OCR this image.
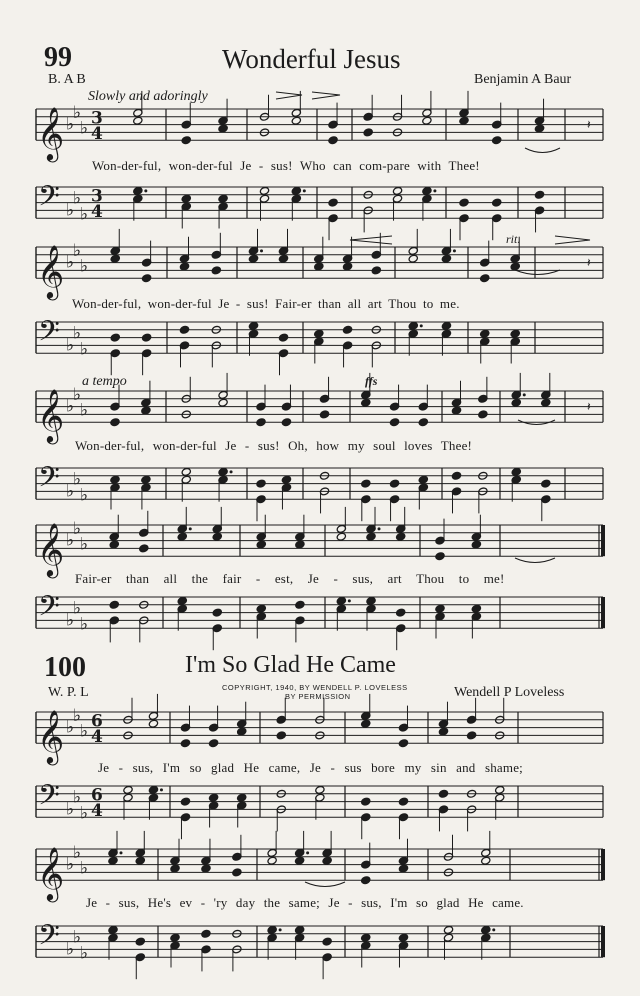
99	Wonderful Jesus
B. A B	Benjamin A Baur
Slowly and adoringly
rit.
a tempo	ffs
Won-der-ful, won-der-ful Je - sus! Who can com-pare with Thee!
Won-der-ful, won-der-ful Je - sus! Fair-er than all art Thou to me.
Won-der-ful, won-der-ful Je - sus! Oh, how my soul loves Thee!
Fair-er than all the fair - est, Je - sus, art Thou to me!
100	I'm So Glad He Came
W. P. L	COPYRIGHT, 1940, BY WENDELL P. LOVELESS
BY PERMISSION	Wendell P Loveless
Je - sus, I'm so glad He came, Je - sus bore my sin and shame;
Je - sus, He's ev - 'ry day the same; Je - sus, I'm so glad He came.
𝄞 ♭
♭
♭ 3
4	𝄽
𝄢 ♭
♭
♭
3
4
𝄞 ♭
♭
♭	𝄽
𝄢 ♭
♭
♭
𝄞 ♭
♭
♭	𝄽
𝄢 ♭
♭
♭
𝄞 ♭
♭
♭
𝄢 ♭
♭
♭
𝄞 ♭
♭
♭ 6
4
𝄢 ♭
♭
♭
6
4
𝄞 ♭
♭
♭
𝄢 ♭
♭
♭
